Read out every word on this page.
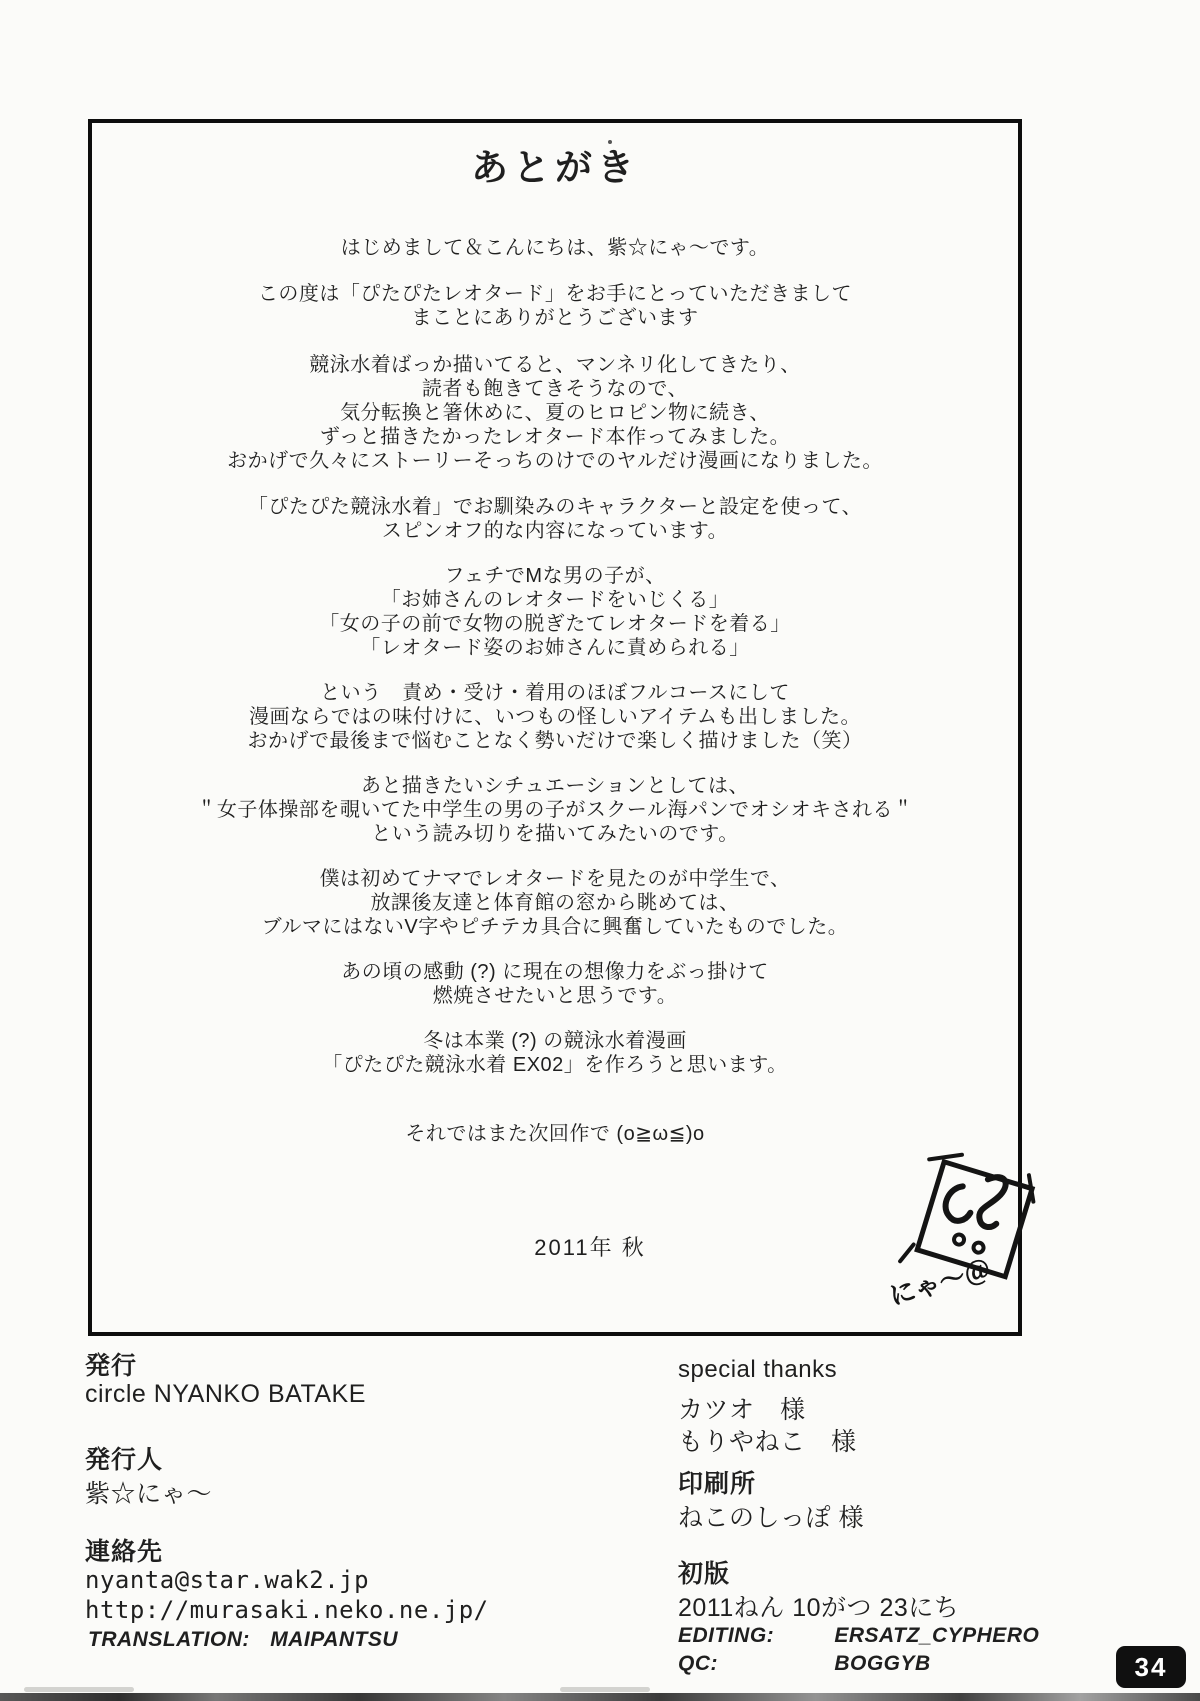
あとがき
はじめまして＆こんにちは、紫☆にゃ～です。
この度は「ぴたぴたレオタード」をお手にとっていただきまして
まことにありがとうございます
競泳水着ばっか描いてると、マンネリ化してきたり、
読者も飽きてきそうなので、
気分転換と箸休めに、夏のヒロピン物に続き、
ずっと描きたかったレオタード本作ってみました。
おかげで久々にストーリーそっちのけでのヤルだけ漫画になりました。
「ぴたぴた競泳水着」でお馴染みのキャラクターと設定を使って、
スピンオフ的な内容になっています。
フェチでMな男の子が、
「お姉さんのレオタードをいじくる」
「女の子の前で女物の脱ぎたてレオタードを着る」
「レオタード姿のお姉さんに責められる」
という　責め・受け・着用のほぼフルコースにして
漫画ならではの味付けに、いつもの怪しいアイテムも出しました。
おかげで最後まで悩むことなく勢いだけで楽しく描けました（笑）
あと描きたいシチュエーションとしては、
＂女子体操部を覗いてた中学生の男の子がスクール海パンでオシオキされる＂
という読み切りを描いてみたいのです。
僕は初めてナマでレオタードを見たのが中学生で、
放課後友達と体育館の窓から眺めては、
ブルマにはないV字やピチテカ具合に興奮していたものでした。
あの頃の感動 (?) に現在の想像力をぶっ掛けて
燃焼させたいと思うです。
冬は本業 (?) の競泳水着漫画
「ぴたぴた競泳水着 EX02」を作ろうと思います。
それではまた次回作で (o≧ω≦)o
2011年 秋
にゃ～＠
発行
circle NYANKO BATAKE
発行人
紫☆にゃ～
連絡先
nyanta@star.wak2.jp
http://murasaki.neko.ne.jp/
TRANSLATION: MAIPANTSU
special thanks
カツオ　様
もりやねこ　様
印刷所
ねこのしっぽ 様
初版
2011ねん 10がつ 23にち
EDITING:	ERSATZ_CYPHERO
QC:	BOGGYB	34
